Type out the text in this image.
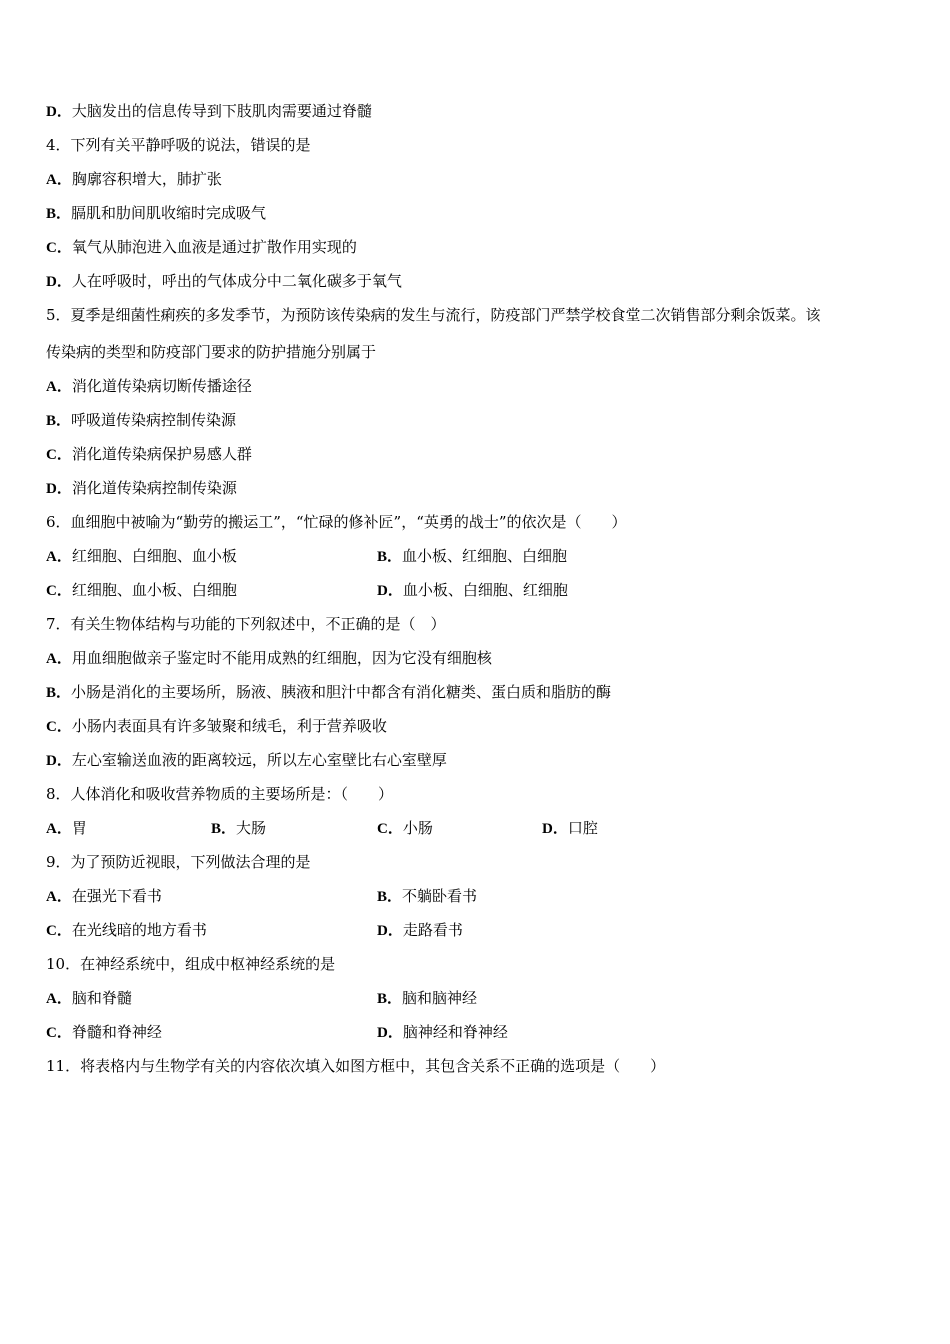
D．大脑发出的信息传导到下肢肌肉需要通过脊髓
4．下列有关平静呼吸的说法，错误的是
A．胸廓容积增大，肺扩张
B．膈肌和肋间肌收缩时完成吸气
C．氧气从肺泡进入血液是通过扩散作用实现的
D．人在呼吸时，呼出的气体成分中二氧化碳多于氧气
5．夏季是细菌性痢疾的多发季节，为预防该传染病的发生与流行，防疫部门严禁学校食堂二次销售部分剩余饭菜。该
传染病的类型和防疫部门要求的防护措施分别属于
A．消化道传染病切断传播途径
B．呼吸道传染病控制传染源
C．消化道传染病保护易感人群
D．消化道传染病控制传染源
6．血细胞中被喻为“勤劳的搬运工”，“忙碌的修补匠”，“英勇的战士”的依次是（　　）
A．红细胞、白细胞、血小板	B．血小板、红细胞、白细胞
C．红细胞、血小板、白细胞	D．血小板、白细胞、红细胞
7．有关生物体结构与功能的下列叙述中，不正确的是（　）
A．用血细胞做亲子鉴定时不能用成熟的红细胞，因为它没有细胞核
B．小肠是消化的主要场所，肠液、胰液和胆汁中都含有消化糖类、蛋白质和脂肪的酶
C．小肠内表面具有许多皱聚和绒毛，利于营养吸收
D．左心室输送血液的距离较远，所以左心室壁比右心室壁厚
8．人体消化和吸收营养物质的主要场所是：（　　）
A．胃	B．大肠	C．小肠	D．口腔
9．为了预防近视眼，下列做法合理的是
A．在强光下看书	B．不躺卧看书
C．在光线暗的地方看书	D．走路看书
10．在神经系统中，组成中枢神经系统的是
A．脑和脊髓	B．脑和脑神经
C．脊髓和脊神经	D．脑神经和脊神经
11．将表格内与生物学有关的内容依次填入如图方框中，其包含关系不正确的选项是（　　）
